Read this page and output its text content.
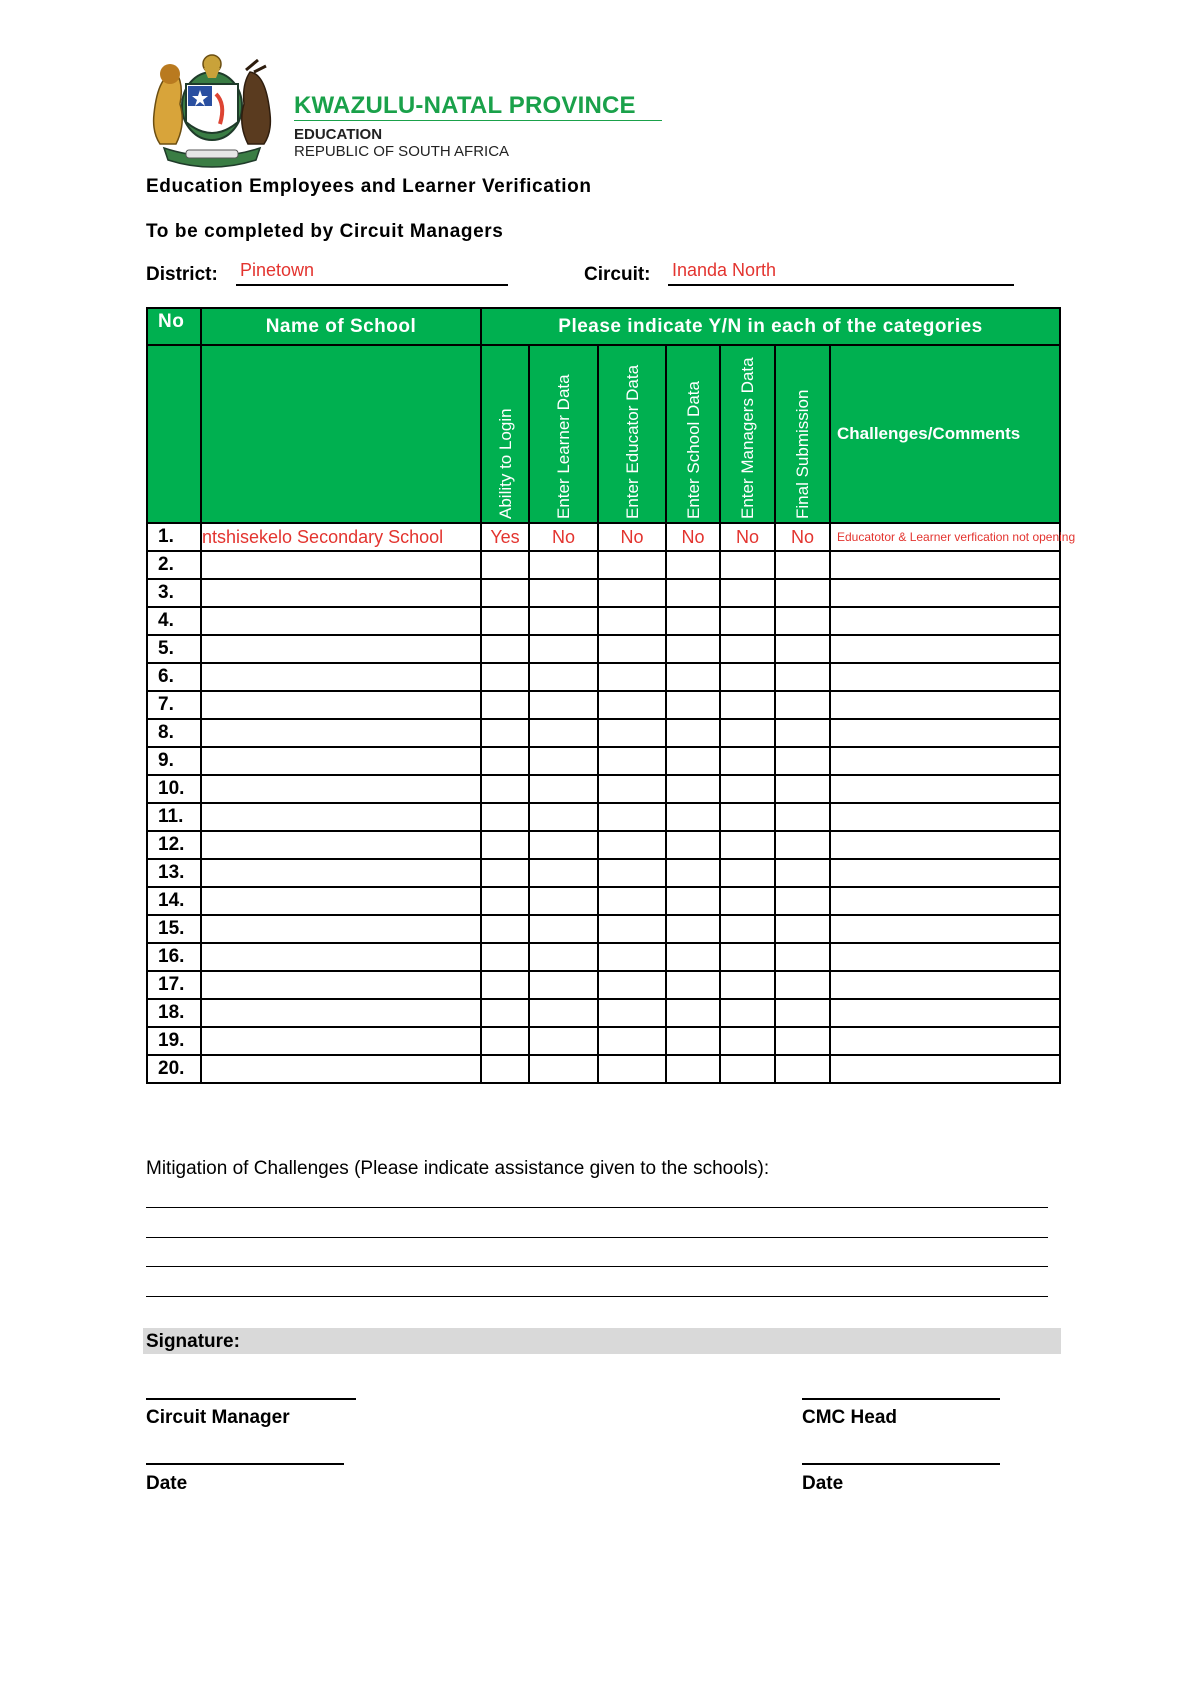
KWAZULU-NATAL PROVINCE
EDUCATION
REPUBLIC OF SOUTH AFRICA
Education Employees and Learner Verification
To be completed by Circuit Managers
District: Pinetown	Circuit: Inanda North
No	Name of School	Please indicate Y/N in each of the categories						

		Ability to Login	Enter Learner Data	Enter Educator Data	Enter School Data	Enter Managers Data	Final Submission	Challenges/Comments
1.	ntshisekelo Secondary School	Yes	No	No	No	No	No	Educatotor & Learner verfication not opening
2.								
3.								
4.								
5.								
6.								
7.								
8.								
9.								
10.								
11.								
12.								
13.								
14.								
15.								
16.								
17.								
18.								
19.								
20.								
Mitigation of Challenges (Please indicate assistance given to the schools):
Signature:
Circuit Manager	CMC Head
Date	Date
